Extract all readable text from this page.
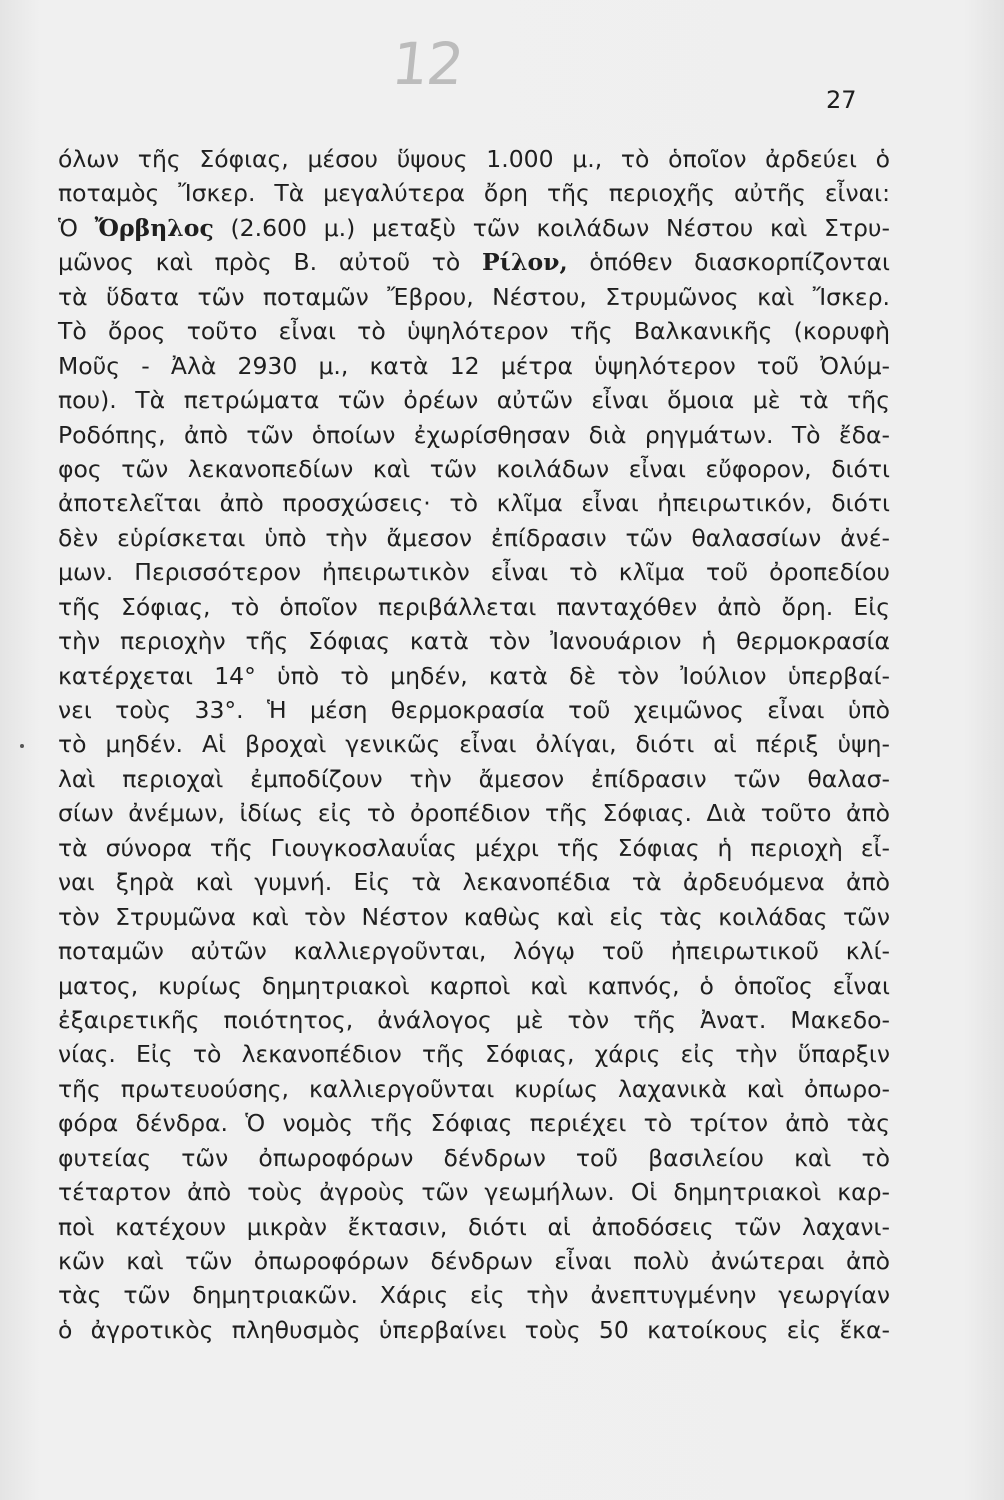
12
27
όλων τῆς Σόφιας, μέσου ὕψους 1.000 μ., τὸ ὁποῖον ἀρδεύει ὁ
ποταμὸς Ἴσκερ. Τὰ μεγαλύτερα ὄρη τῆς περιοχῆς αὐτῆς εἶναι:
Ὁ Ὄρβηλος (2.600 μ.) μεταξὺ τῶν κοιλάδων Νέστου καὶ Στρυ-
μῶνος καὶ πρὸς Β. αὐτοῦ τὸ Ρίλον, ὁπόθεν διασκορπίζονται
τὰ ὕδατα τῶν ποταμῶν Ἔβρου, Νέστου, Στρυμῶνος καὶ Ἴσκερ.
Τὸ ὄρος τοῦτο εἶναι τὸ ὑψηλότερον τῆς Βαλκανικῆς (κορυφὴ
Μοῦς - Ἀλὰ 2930 μ., κατὰ 12 μέτρα ὑψηλότερον τοῦ Ὀλύμ-
που). Τὰ πετρώματα τῶν ὀρέων αὐτῶν εἶναι ὅμοια μὲ τὰ τῆς
Ροδόπης, ἀπὸ τῶν ὁποίων ἐχωρίσθησαν διὰ ρηγμάτων. Τὸ ἔδα-
φος τῶν λεκανοπεδίων καὶ τῶν κοιλάδων εἶναι εὔφορον, διότι
ἀποτελεῖται ἀπὸ προσχώσεις· τὸ κλῖμα εἶναι ἠπειρωτικόν, διότι
δὲν εὑρίσκεται ὑπὸ τὴν ἄμεσον ἐπίδρασιν τῶν θαλασσίων ἀνέ-
μων. Περισσότερον ἠπειρωτικὸν εἶναι τὸ κλῖμα τοῦ ὀροπεδίου
τῆς Σόφιας, τὸ ὁποῖον περιβάλλεται πανταχόθεν ἀπὸ ὄρη. Εἰς
τὴν περιοχὴν τῆς Σόφιας κατὰ τὸν Ἰανουάριον ἡ θερμοκρασία
κατέρχεται 14° ὑπὸ τὸ μηδέν, κατὰ δὲ τὸν Ἰούλιον ὑπερβαί-
νει τοὺς 33°. Ἡ μέση θερμοκρασία τοῦ χειμῶνος εἶναι ὑπὸ
τὸ μηδέν. Αἱ βροχαὶ γενικῶς εἶναι ὀλίγαι, διότι αἱ πέριξ ὑψη-
λαὶ περιοχαὶ ἐμποδίζουν τὴν ἄμεσον ἐπίδρασιν τῶν θαλασ-
σίων ἀνέμων, ἰδίως εἰς τὸ ὀροπέδιον τῆς Σόφιας. Διὰ τοῦτο ἀπὸ
τὰ σύνορα τῆς Γιουγκοσλαυΐας μέχρι τῆς Σόφιας ἡ περιοχὴ εἶ-
ναι ξηρὰ καὶ γυμνή. Εἰς τὰ λεκανοπέδια τὰ ἀρδευόμενα ἀπὸ
τὸν Στρυμῶνα καὶ τὸν Νέστον καθὼς καὶ εἰς τὰς κοιλάδας τῶν
ποταμῶν αὐτῶν καλλιεργοῦνται, λόγῳ τοῦ ἠπειρωτικοῦ κλί-
ματος, κυρίως δημητριακοὶ καρποὶ καὶ καπνός, ὁ ὁποῖος εἶναι
ἐξαιρετικῆς ποιότητος, ἀνάλογος μὲ τὸν τῆς Ἀνατ. Μακεδο-
νίας. Εἰς τὸ λεκανοπέδιον τῆς Σόφιας, χάρις εἰς τὴν ὕπαρξιν
τῆς πρωτευούσης, καλλιεργοῦνται κυρίως λαχανικὰ καὶ ὀπωρο-
φόρα δένδρα. Ὁ νομὸς τῆς Σόφιας περιέχει τὸ τρίτον ἀπὸ τὰς
φυτείας τῶν ὀπωροφόρων δένδρων τοῦ βασιλείου καὶ τὸ
τέταρτον ἀπὸ τοὺς ἀγροὺς τῶν γεωμήλων. Οἱ δημητριακοὶ καρ-
ποὶ κατέχουν μικρὰν ἔκτασιν, διότι αἱ ἀποδόσεις τῶν λαχανι-
κῶν καὶ τῶν ὀπωροφόρων δένδρων εἶναι πολὺ ἀνώτεραι ἀπὸ
τὰς τῶν δημητριακῶν. Χάρις εἰς τὴν ἀνεπτυγμένην γεωργίαν
ὁ ἀγροτικὸς πληθυσμὸς ὑπερβαίνει τοὺς 50 κατοίκους εἰς ἕκα-
